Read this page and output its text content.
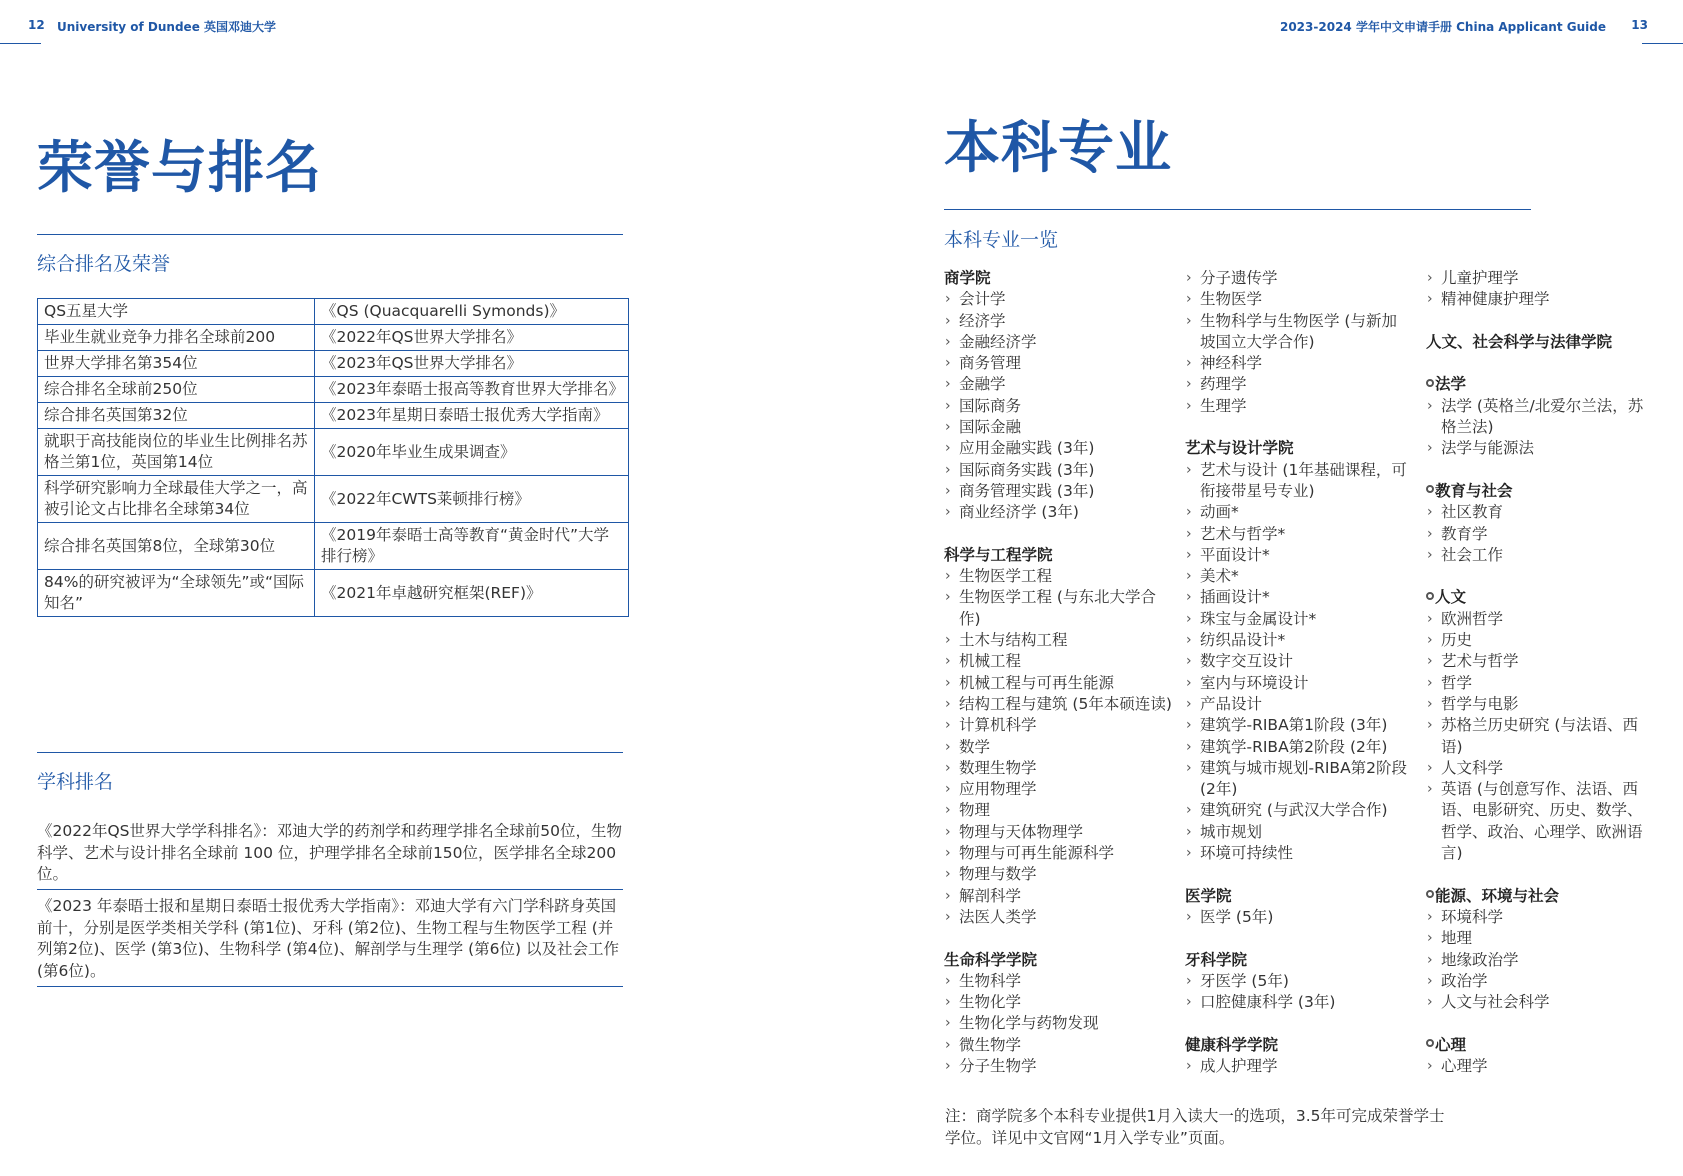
12 University of Dundee 英国邓迪大学	2023-2024 学年中文申请手册 China Applicant Guide 13
荣誉与排名
综合排名及荣誉
QS五星大学	《QS (Quacquarelli Symonds)》
毕业生就业竞争力排名全球前200	《2022年QS世界大学排名》
世界大学排名第354位	《2023年QS世界大学排名》
综合排名全球前250位	《2023年泰晤士报高等教育世界大学排名》
综合排名英国第32位	《2023年星期日泰晤士报优秀大学指南》
就职于高技能岗位的毕业生比例排名苏格兰第1位，英国第14位	《2020年毕业生成果调查》
科学研究影响力全球最佳大学之一，高被引论文占比排名全球第34位	《2022年CWTS莱顿排行榜》
综合排名英国第8位，全球第30位	《2019年泰晤士高等教育“黄金时代”大学排行榜》
84%的研究被评为“全球领先”或“国际知名”	《2021年卓越研究框架(REF)》
学科排名
《2022年QS世界大学学科排名》：邓迪大学的药剂学和药理学排名全球前50位，生物科学、艺术与设计排名全球前 100 位，护理学排名全球前150位，医学排名全球200位。
《2023 年泰晤士报和星期日泰晤士报优秀大学指南》：邓迪大学有六门学科跻身英国前十，分别是医学类相关学科 (第1位)、牙科 (第2位)、生物工程与生物医学工程 (并列第2位)、医学 (第3位)、生物科学 (第4位)、解剖学与生理学 (第6位) 以及社会工作 (第6位)。
本科专业
本科专业一览
商学院
› 会计学
› 经济学
› 金融经济学
› 商务管理
› 金融学
› 国际商务
› 国际金融
› 应用金融实践 (3年)
› 国际商务实践 (3年)
› 商务管理实践 (3年)
› 商业经济学 (3年)
科学与工程学院
› 生物医学工程
› 生物医学工程 (与东北大学合作)
› 土木与结构工程
› 机械工程
› 机械工程与可再生能源
› 结构工程与建筑 (5年本硕连读)
› 计算机科学
› 数学
› 数理生物学
› 应用物理学
› 物理
› 物理与天体物理学
› 物理与可再生能源科学
› 物理与数学
› 解剖科学
› 法医人类学
生命科学学院
› 生物科学
› 生物化学
› 生物化学与药物发现
› 微生物学
› 分子生物学
› 分子遗传学
› 生物医学
› 生物科学与生物医学 (与新加坡国立大学合作)
› 神经科学
› 药理学
› 生理学
艺术与设计学院
› 艺术与设计 (1年基础课程，可衔接带星号专业)
› 动画*
› 艺术与哲学*
› 平面设计*
› 美术*
› 插画设计*
› 珠宝与金属设计*
› 纺织品设计*
› 数字交互设计
› 室内与环境设计
› 产品设计
› 建筑学-RIBA第1阶段 (3年)
› 建筑学-RIBA第2阶段 (2年)
› 建筑与城市规划-RIBA第2阶段 (2年)
› 建筑研究 (与武汉大学合作)
› 城市规划
› 环境可持续性
医学院
› 医学 (5年)
牙科学院
› 牙医学 (5年)
› 口腔健康科学 (3年)
健康科学学院
› 成人护理学
› 儿童护理学
› 精神健康护理学
人文、社会科学与法律学院
法学
› 法学 (英格兰/北爱尔兰法，苏格兰法)
› 法学与能源法
教育与社会
› 社区教育
› 教育学
› 社会工作
人文
› 欧洲哲学
› 历史
› 艺术与哲学
› 哲学
› 哲学与电影
› 苏格兰历史研究 (与法语、西语)
› 人文科学
› 英语 (与创意写作、法语、西语、电影研究、历史、数学、哲学、政治、心理学、欧洲语言)
能源、环境与社会
› 环境科学
› 地理
› 地缘政治学
› 政治学
› 人文与社会科学
心理
› 心理学
注：商学院多个本科专业提供1月入读大一的选项，3.5年可完成荣誉学士学位。详见中文官网“1月入学专业”页面。
